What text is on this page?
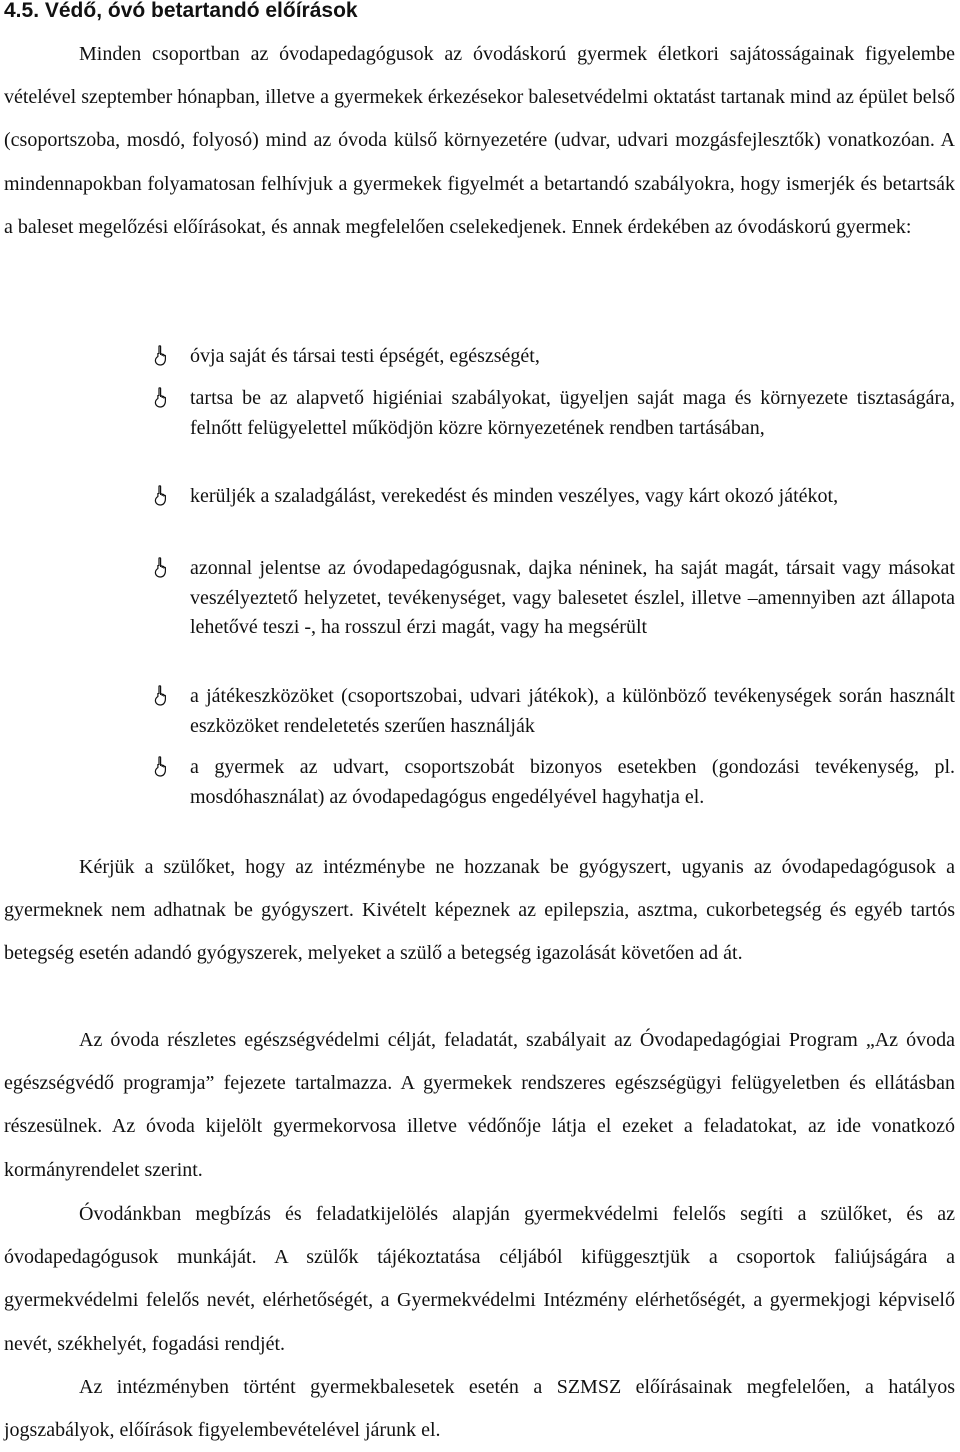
4.5. Védő, óvó betartandó előírások

Minden csoportban az óvodapedagógusok az óvodáskorú gyermek életkori sajátosságainak figyelembe vételével szeptember hónapban, illetve a gyermekek érkezésekor balesetvédelmi oktatást tartanak mind az épület belső (csoportszoba, mosdó, folyosó) mind az óvoda külső környezetére (udvar, udvari mozgásfejlesztők) vonatkozóan. A mindennapokban folyamatosan felhívjuk a gyermekek figyelmét a betartandó szabályokra, hogy ismerjék és betartsák a baleset megelőzési előírásokat, és annak megfelelően cselekedjenek. Ennek érdekében az óvodáskorú gyermek:

óvja saját és társai testi épségét, egészségét,

tartsa be az alapvető higiéniai szabályokat, ügyeljen saját maga és környezete tisztaságára, felnőtt felügyelettel működjön közre környezetének rendben tartásában,

kerüljék a szaladgálást, verekedést és minden veszélyes, vagy kárt okozó játékot,

azonnal jelentse az óvodapedagógusnak, dajka néninek, ha saját magát, társait vagy másokat veszélyeztető helyzetet, tevékenységet, vagy balesetet észlel, illetve –amennyiben azt állapota lehetővé teszi -, ha rosszul érzi magát, vagy ha megsérült

a játékeszközöket (csoportszobai, udvari játékok), a különböző tevékenységek során használt eszközöket rendeletetés szerűen használják

a gyermek az udvart, csoportszobát bizonyos esetekben (gondozási tevékenység, pl. mosdóhasználat) az óvodapedagógus engedélyével hagyhatja el.

Kérjük a szülőket, hogy az intézménybe ne hozzanak be gyógyszert, ugyanis az óvodapedagógusok a gyermeknek nem adhatnak be gyógyszert. Kivételt képeznek az epilepszia, asztma, cukorbetegség és egyéb tartós betegség esetén adandó gyógyszerek, melyeket a szülő a betegség igazolását követően ad át.

Az óvoda részletes egészségvédelmi célját, feladatát, szabályait az Óvodapedagógiai Program „Az óvoda egészségvédő programja” fejezete tartalmazza. A gyermekek rendszeres egészségügyi felügyeletben és ellátásban részesülnek. Az óvoda kijelölt gyermekorvosa illetve védőnője látja el ezeket a feladatokat, az ide vonatkozó kormányrendelet szerint.

Óvodánkban megbízás és feladatkijelölés alapján gyermekvédelmi felelős segíti a szülőket, és az óvodapedagógusok munkáját. A szülők tájékoztatása céljából kifüggesztjük a csoportok faliújságára a gyermekvédelmi felelős nevét, elérhetőségét, a Gyermekvédelmi Intézmény elérhetőségét, a gyermekjogi képviselő nevét, székhelyét, fogadási rendjét.

Az intézményben történt gyermekbalesetek esetén a SZMSZ előírásainak megfelelően, a hatályos jogszabályok, előírások figyelembevételével járunk el.
